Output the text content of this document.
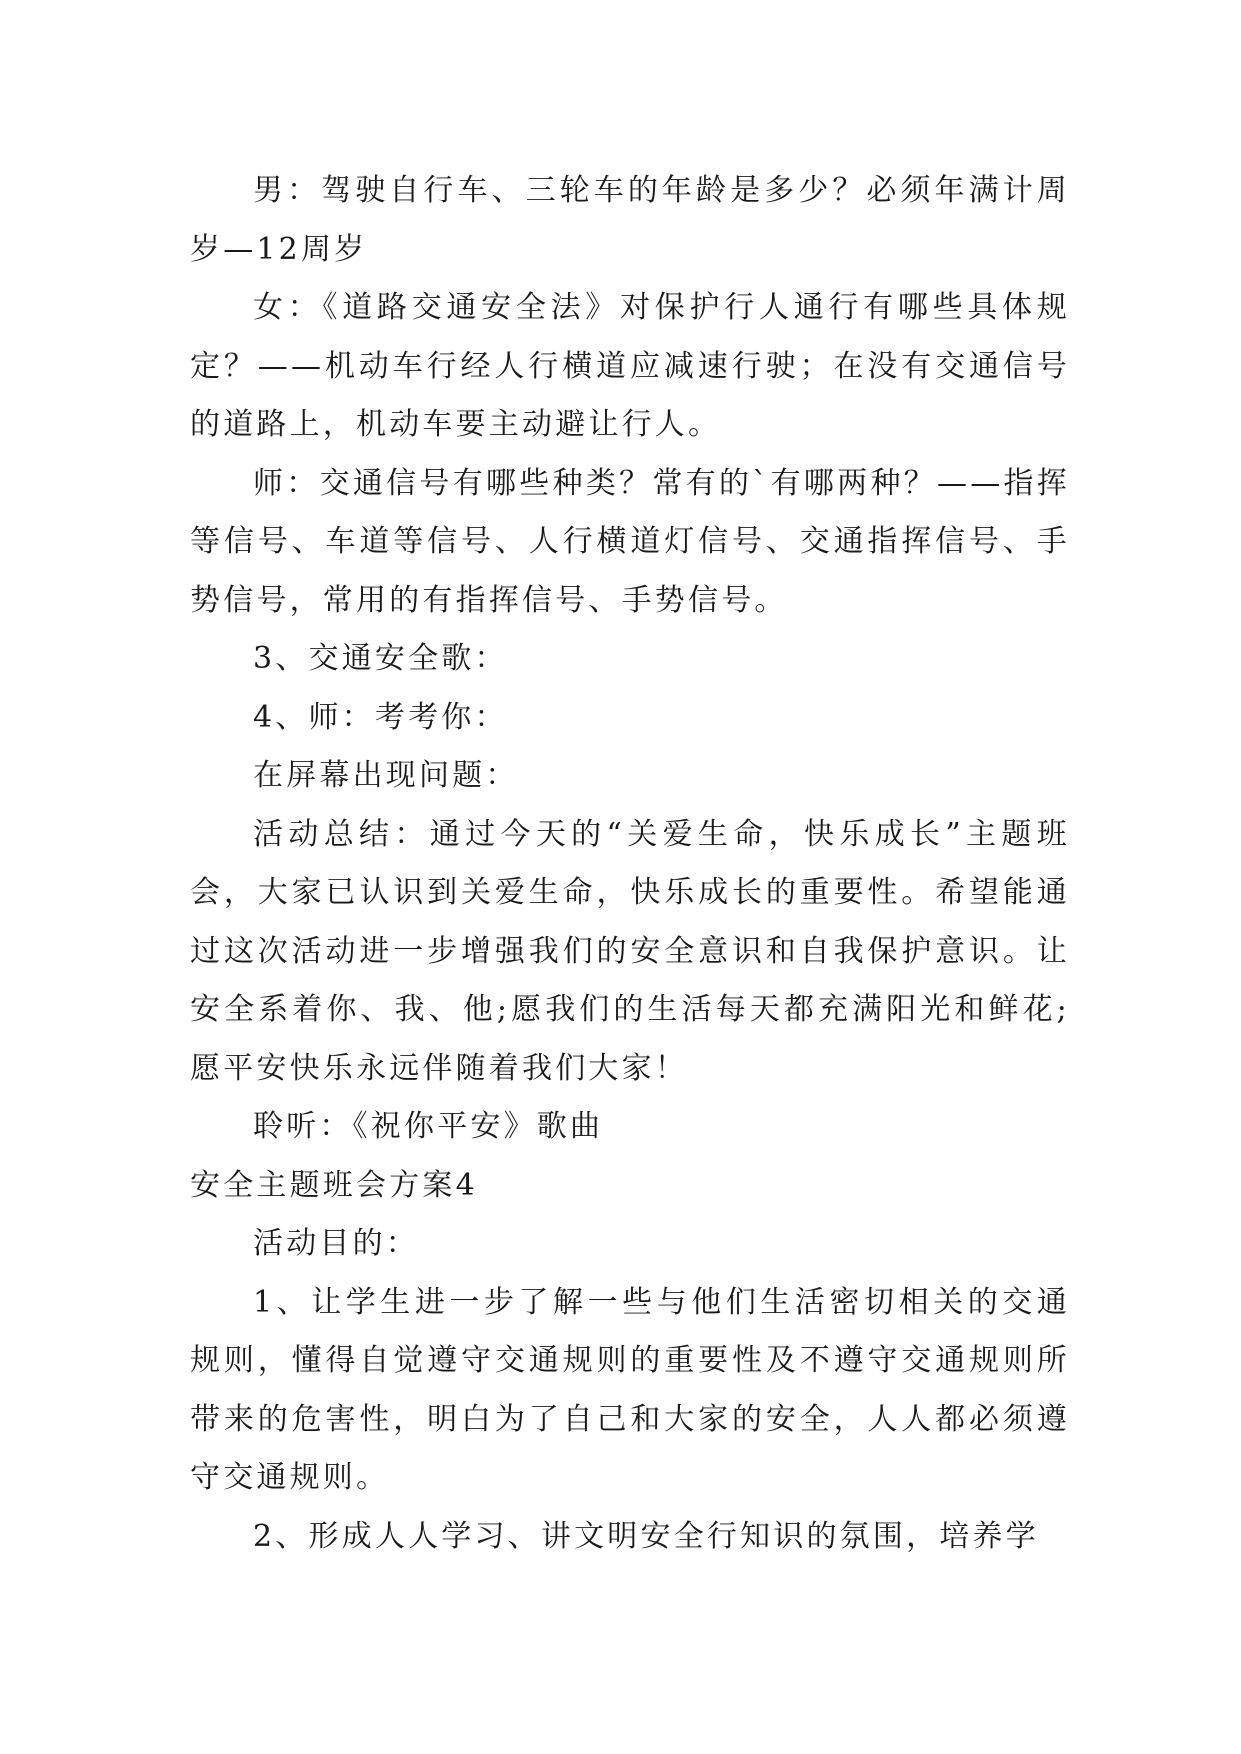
男：驾驶自行车、三轮车的年龄是多少？必须年满计周岁—12周岁

女：《道路交通安全法》对保护行人通行有哪些具体规定？——机动车行经人行横道应减速行驶；在没有交通信号的道路上，机动车要主动避让行人。

师：交通信号有哪些种类？常有的`有哪两种？——指挥等信号、车道等信号、人行横道灯信号、交通指挥信号、手势信号，常用的有指挥信号、手势信号。

3、交通安全歌：

4、师：考考你：

在屏幕出现问题：

活动总结：通过今天的“关爱生命，快乐成长”主题班会，大家已认识到关爱生命，快乐成长的重要性。希望能通过这次活动进一步增强我们的安全意识和自我保护意识。让安全系着你、我、他;愿我们的生活每天都充满阳光和鲜花;愿平安快乐永远伴随着我们大家！

聆听：《祝你平安》歌曲

安全主题班会方案4

活动目的：

1、让学生进一步了解一些与他们生活密切相关的交通规则，懂得自觉遵守交通规则的重要性及不遵守交通规则所带来的危害性，明白为了自己和大家的安全，人人都必须遵守交通规则。

2、形成人人学习、讲文明安全行知识的氛围，培养学
